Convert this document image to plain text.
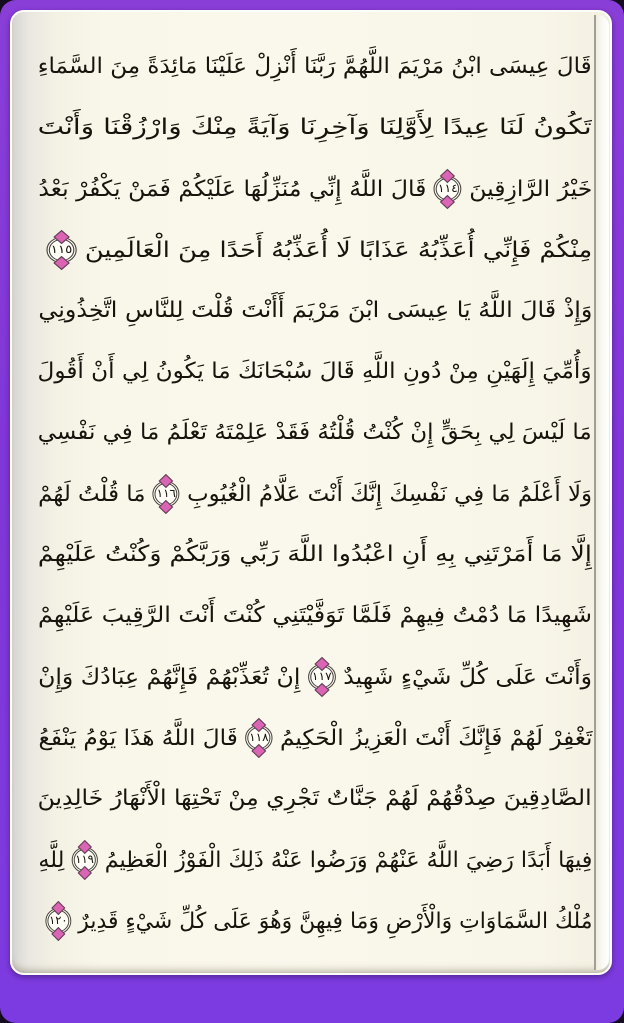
قَالَ عِيسَى ابْنُ مَرْيَمَ اللَّهُمَّ رَبَّنَا أَنْزِلْ عَلَيْنَا مَائِدَةً مِنَ السَّمَاءِ
تَكُونُ لَنَا عِيدًا لِأَوَّلِنَا وَآخِرِنَا وَآيَةً مِنْكَ وَارْزُقْنَا وَأَنْتَ
خَيْرُ الرَّازِقِينَ
١١٤
قَالَ اللَّهُ إِنِّي مُنَزِّلُهَا عَلَيْكُمْ فَمَنْ يَكْفُرْ بَعْدُ
مِنْكُمْ فَإِنِّي أُعَذِّبُهُ عَذَابًا لَا أُعَذِّبُهُ أَحَدًا مِنَ الْعَالَمِينَ
١١٥
وَإِذْ قَالَ اللَّهُ يَا عِيسَى ابْنَ مَرْيَمَ أَأَنْتَ قُلْتَ لِلنَّاسِ اتَّخِذُونِي
وَأُمِّيَ إِلَهَيْنِ مِنْ دُونِ اللَّهِ قَالَ سُبْحَانَكَ مَا يَكُونُ لِي أَنْ أَقُولَ
مَا لَيْسَ لِي بِحَقٍّ إِنْ كُنْتُ قُلْتُهُ فَقَدْ عَلِمْتَهُ تَعْلَمُ مَا فِي نَفْسِي
وَلَا أَعْلَمُ مَا فِي نَفْسِكَ إِنَّكَ أَنْتَ عَلَّامُ الْغُيُوبِ
١١٦
مَا قُلْتُ لَهُمْ
إِلَّا مَا أَمَرْتَنِي بِهِ أَنِ اعْبُدُوا اللَّهَ رَبِّي وَرَبَّكُمْ وَكُنْتُ عَلَيْهِمْ
شَهِيدًا مَا دُمْتُ فِيهِمْ فَلَمَّا تَوَفَّيْتَنِي كُنْتَ أَنْتَ الرَّقِيبَ عَلَيْهِمْ
وَأَنْتَ عَلَى كُلِّ شَيْءٍ شَهِيدٌ
١١٧
إِنْ تُعَذِّبْهُمْ فَإِنَّهُمْ عِبَادُكَ وَإِنْ
تَغْفِرْ لَهُمْ فَإِنَّكَ أَنْتَ الْعَزِيزُ الْحَكِيمُ
١١٨
قَالَ اللَّهُ هَذَا يَوْمُ يَنْفَعُ
الصَّادِقِينَ صِدْقُهُمْ لَهُمْ جَنَّاتٌ تَجْرِي مِنْ تَحْتِهَا الْأَنْهَارُ خَالِدِينَ
فِيهَا أَبَدًا رَضِيَ اللَّهُ عَنْهُمْ وَرَضُوا عَنْهُ ذَلِكَ الْفَوْزُ الْعَظِيمُ
١١٩
لِلَّهِ
مُلْكُ السَّمَاوَاتِ وَالْأَرْضِ وَمَا فِيهِنَّ وَهُوَ عَلَى كُلِّ شَيْءٍ قَدِيرٌ
١٢٠
